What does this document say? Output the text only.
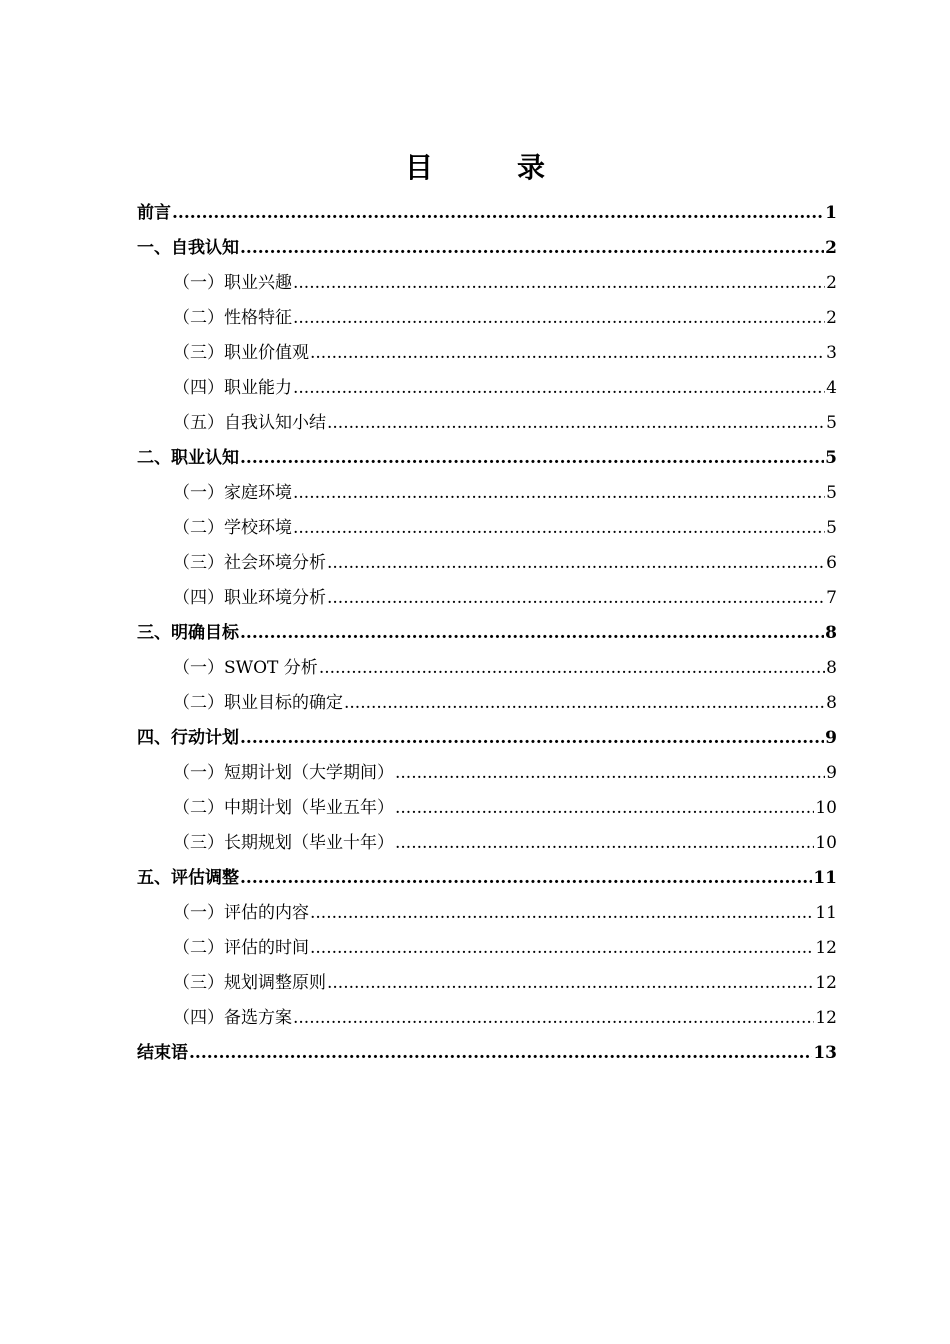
目　录
前言 .....	1
一、自我认知 .....	2
（一）职业兴趣 .....	2
（二）性格特征 .....	2
（三）职业价值观 .....	3
（四）职业能力 .....	4
（五）自我认知小结 .....	5
二、职业认知 .....	5
（一）家庭环境 .....	5
（二）学校环境 .....	5
（三）社会环境分析 .....	6
（四）职业环境分析 .....	7
三、明确目标 .....	8
（一）SWOT 分析 .....	8
（二）职业目标的确定 .....	8
四、行动计划 .....	9
（一）短期计划（大学期间） .....	9
（二）中期计划（毕业五年） .....	10
（三）长期规划（毕业十年） .....	10
五、评估调整 .....	11
（一）评估的内容 .....	11
（二）评估的时间 .....	12
（三）规划调整原则 .....	12
（四）备选方案 .....	12
结束语 .....	13
